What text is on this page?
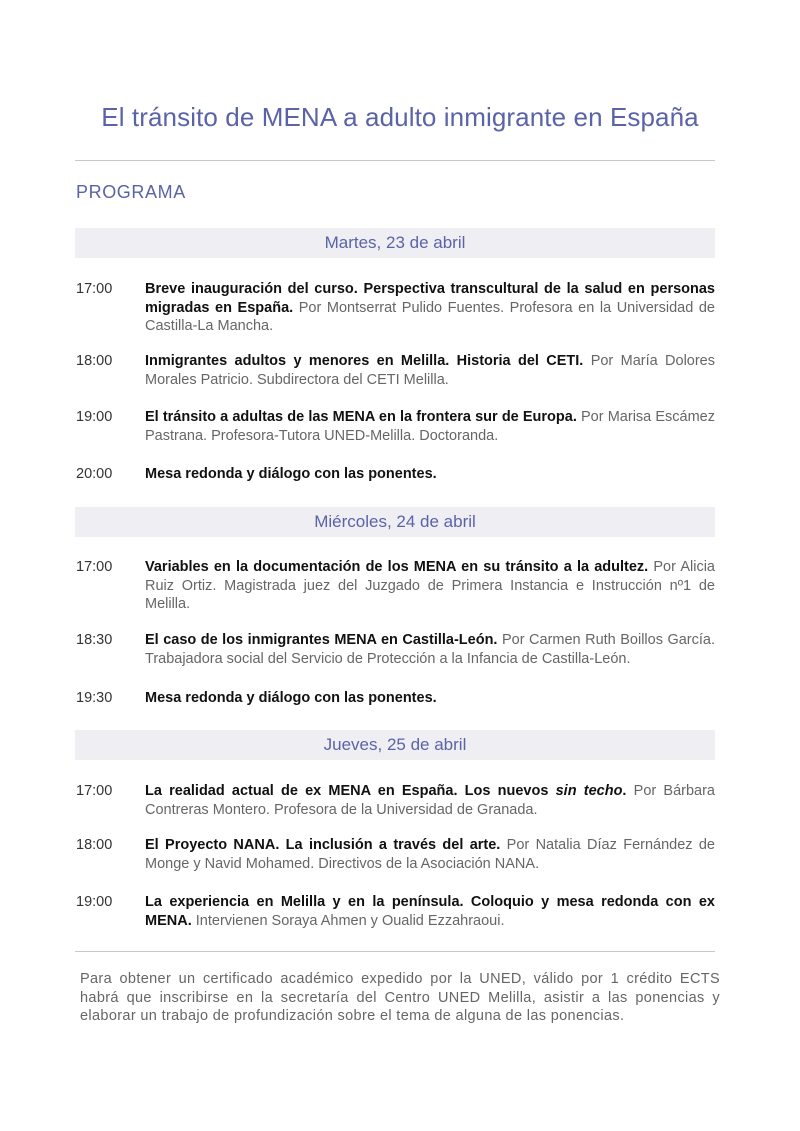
El tránsito de MENA a adulto inmigrante en España
PROGRAMA
Martes, 23 de abril
17:00	Breve inauguración del curso. Perspectiva transcultural de la salud en personas migradas en España. Por Montserrat Pulido Fuentes. Profesora en la Universidad de Castilla-La Mancha.
18:00	Inmigrantes adultos y menores en Melilla. Historia del CETI. Por María Dolores Morales Patricio. Subdirectora del CETI Melilla.
19:00	El tránsito a adultas de las MENA en la frontera sur de Europa. Por Marisa Escámez Pastrana. Profesora-Tutora UNED-Melilla. Doctoranda.
20:00	Mesa redonda y diálogo con las ponentes.
Miércoles, 24 de abril
17:00	Variables en la documentación de los MENA en su tránsito a la adultez. Por Alicia Ruiz Ortiz. Magistrada juez del Juzgado de Primera Instancia e Instrucción nº1 de Melilla.
18:30	El caso de los inmigrantes MENA en Castilla-León. Por Carmen Ruth Boillos García. Trabajadora social del Servicio de Protección a la Infancia de Castilla-León.
19:30	Mesa redonda y diálogo con las ponentes.
Jueves, 25 de abril
17:00	La realidad actual de ex MENA en España. Los nuevos sin techo. Por Bárbara Contreras Montero. Profesora de la Universidad de Granada.
18:00	El Proyecto NANA. La inclusión a través del arte. Por Natalia Díaz Fernández de Monge y Navid Mohamed. Directivos de la Asociación NANA.
19:00	La experiencia en Melilla y en la península. Coloquio y mesa redonda con ex MENA. Intervienen Soraya Ahmen y Oualid Ezzahraoui.
Para obtener un certificado académico expedido por la UNED, válido por 1 crédito ECTS habrá que inscribirse en la secretaría del Centro UNED Melilla, asistir a las ponencias y elaborar un trabajo de profundización sobre el tema de alguna de las ponencias.
